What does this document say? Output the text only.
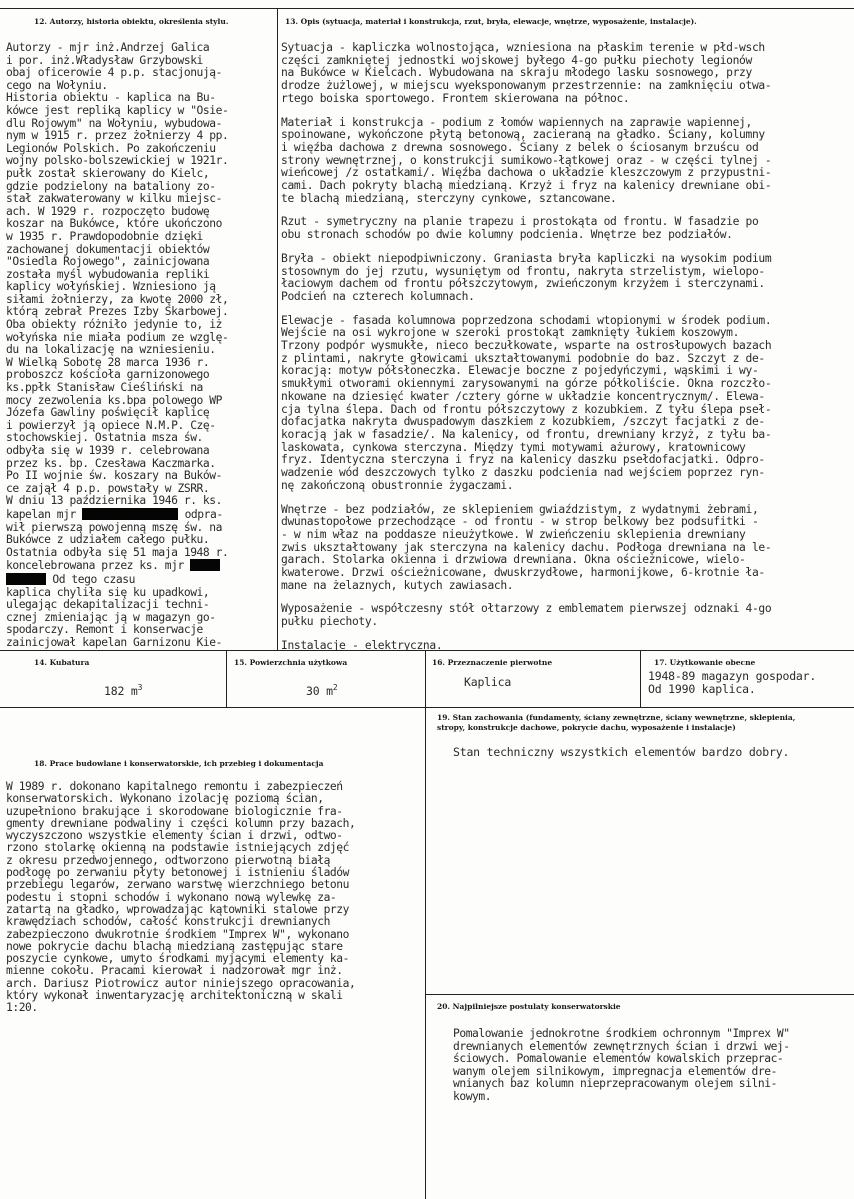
12. Autorzy, historia obiektu, określenia stylu.
Autorzy - mjr inż.Andrzej Galica
i por. inż.Władysław Grzybowski
obaj oficerowie 4 p.p. stacjonują-
cego na Wołyniu.
Historia obiektu - kaplica na Bu-
kówce jest repliką kaplicy w "Osie-
dlu Rojowym" na Wołyniu, wybudowa-
nym w 1915 r. przez żołnierzy 4 pp.
Legionów Polskich. Po zakończeniu
wojny polsko-bolszewickiej w 1921r.
pułk został skierowany do Kielc,
gdzie podzielony na bataliony zo-
stał zakwaterowany w kilku miejsc-
ach. W 1929 r. rozpoczęto budowę
koszar na Bukówce, które ukończono
w 1935 r. Prawdopodobnie dzięki
zachowanej dokumentacji obiektów
"Osiedla Rojowego", zainicjowana
została myśl wybudowania repliki
kaplicy wołyńskiej. Wzniesiono ją
siłami żołnierzy, za kwotę 2000 zł,
którą zebrał Prezes Izby Skarbowej.
Oba obiekty różniło jedynie to, iż
wołyńska nie miała podium ze wzglę-
du na lokalizację na wzniesieniu.
W Wielką Sobotę 28 marca 1936 r.
proboszcz kościoła garnizonowego
ks.ppłk Stanisław Cieśliński na
mocy zezwolenia ks.bpa polowego WP
Józefa Gawliny poświęcił kaplicę
i powierzył ją opiece N.M.P. Czę-
stochowskiej. Ostatnia msza św.
odbyła się w 1939 r. celebrowana
przez ks. bp. Czesława Kaczmarka.
Po II wojnie św. koszary na Buków-
ce zajął 4 p.p. powstały w ZSRR.
W dniu 13 października 1946 r. ks.
kapelan mjr	odpra-
wił pierwszą powojenną mszę św. na
Bukówce z udziałem całego pułku.
Ostatnia odbyła się 51 maja 1948 r.
koncelebrowana przez ks. mjr
Od tego czasu
kaplica chyliła się ku upadkowi,
ulegając dekapitalizacji techni-
cznej zmieniając ją w magazyn go-
spodarczy. Remont i konserwacje
zainicjował kapelan Garnizonu Kie-
13. Opis (sytuacja, materiał i konstrukcja, rzut, bryła, elewacje, wnętrze, wyposażenie, instalacje).
Sytuacja - kapliczka wolnostojąca, wzniesiona na płaskim terenie w płd-wsch
części zamkniętej jednostki wojskowej byłego 4-go pułku piechoty legionów
na Bukówce w Kielcach. Wybudowana na skraju młodego lasku sosnowego, przy
drodze żużlowej, w miejscu wyeksponowanym przestrzennie: na zamknięciu otwa-
rtego boiska sportowego. Frontem skierowana na północ.
Materiał i konstrukcja - podium z łomów wapiennych na zaprawie wapiennej,
spoinowane, wykończone płytą betonową, zacieraną na gładko. Ściany, kolumny
i więźba dachowa z drewna sosnowego. Ściany z belek o ściosanym brzuścu od
strony wewnętrznej, o konstrukcji sumikowo-łątkowej oraz - w części tylnej -
wieńcowej /z ostatkami/. Więźba dachowa o układzie kleszczowym z przypustni-
cami. Dach pokryty blachą miedzianą. Krzyż i fryz na kalenicy drewniane obi-
te blachą miedzianą, sterczyny cynkowe, sztancowane.
Rzut - symetryczny na planie trapezu i prostokąta od frontu. W fasadzie po
obu stronach schodów po dwie kolumny podcienia. Wnętrze bez podziałów.
Bryła - obiekt niepodpiwniczony. Graniasta bryła kapliczki na wysokim podium
stosownym do jej rzutu, wysuniętym od frontu, nakryta strzelistym, wielopo-
łaciowym dachem od frontu półszczytowym, zwieńczonym krzyżem i sterczynami.
Podcień na czterech kolumnach.
Elewacje - fasada kolumnowa poprzedzona schodami wtopionymi w środek podium.
Wejście na osi wykrojone w szeroki prostokąt zamknięty łukiem koszowym.
Trzony podpór wysmukłe, nieco beczułkowate, wsparte na ostrosłupowych bazach
z plintami, nakryte głowicami ukształtowanymi podobnie do baz. Szczyt z de-
koracją: motyw półsłoneczka. Elewacje boczne z pojedyńczymi, wąskimi i wy-
smukłymi otworami okiennymi zarysowanymi na górze półkoliście. Okna rozczło-
nkowane na dziesięć kwater /cztery górne w układzie koncentrycznym/. Elewa-
cja tylna ślepa. Dach od frontu półszczytowy z kozubkiem. Z tyłu ślepa pseł-
dofacjatka nakryta dwuspadowym daszkiem z kozubkiem, /szczyt facjatki z de-
koracją jak w fasadzie/. Na kalenicy, od frontu, drewniany krzyż, z tyłu ba-
laskowata, cynkowa sterczyna. Między tymi motywami ażurowy, kratownicowy
fryz. Identyczna sterczyna i fryz na kalenicy daszku psełdofacjatki. Odpro-
wadzenie wód deszczowych tylko z daszku podcienia nad wejściem poprzez ryn-
nę zakończoną obustronnie żygaczami.
Wnętrze - bez podziałów, ze sklepieniem gwiaździstym, z wydatnymi żebrami,
dwunastopołowe przechodzące - od frontu - w strop belkowy bez podsufitki -
- w nim właz na poddasze nieużytkowe. W zwieńczeniu sklepienia drewniany
zwis ukształtowany jak sterczyna na kalenicy dachu. Podłoga drewniana na le-
garach. Stolarka okienna i drzwiowa drewniana. Okna ościeżnicowe, wielo-
kwaterowe. Drzwi ościeżnicowane, dwuskrzydłowe, harmonijkowe, 6-krotnie ła-
mane na żelaznych, kutych zawiasach.
Wyposażenie - współczesny stół ołtarzowy z emblematem pierwszej odznaki 4-go
pułku piechoty.
Instalacje - elektryczna.
14. Kubatura
182 $m^3$
15. Powierzchnia użytkowa
30 $m^2$
16. Przeznaczenie pierwotne
Kaplica
17. Użytkowanie obecne
1948-89 magazyn gospodar.
Od 1990 kaplica.
18. Prace budowlane i konserwatorskie, ich przebieg i dokumentacja
W 1989 r. dokonano kapitalnego remontu i zabezpieczeń
konserwatorskich. Wykonano izolację poziomą ścian,
uzupełniono brakujące i skorodowane biologicznie fra-
gmenty drewniane podwaliny i części kolumn przy bazach,
wyczyszczono wszystkie elementy ścian i drzwi, odtwo-
rzono stolarkę okienną na podstawie istniejących zdjęć
z okresu przedwojennego, odtworzono pierwotną białą
podłogę po zerwaniu płyty betonowej i istnieniu śladów
przebiegu legarów, zerwano warstwę wierzchniego betonu
podestu i stopni schodów i wykonano nową wylewkę za-
zatartą na gładko, wprowadzając kątowniki stalowe przy
krawędziach schodów, całość konstrukcji drewnianych
zabezpieczono dwukrotnie środkiem "Imprex W", wykonano
nowe pokrycie dachu blachą miedzianą zastępując stare
poszycie cynkowe, umyto środkami myjącymi elementy ka-
mienne cokołu. Pracami kierował i nadzorował mgr inż.
arch. Dariusz Piotrowicz autor niniejszego opracowania,
który wykonał inwentaryzację architektoniczną w skali
1:20.
19. Stan zachowania (fundamenty, ściany zewnętrzne, ściany wewnętrzne, sklepienia, stropy, konstrukcje dachowe, pokrycie dachu, wyposażenie i instalacje)
Stan techniczny wszystkich elementów bardzo dobry.
20. Najpilniejsze postulaty konserwatorskie
Pomalowanie jednokrotne środkiem ochronnym "Imprex W"
drewnianych elementów zewnętrznych ścian i drzwi wej-
ściowych. Pomalowanie elementów kowalskich przeprac-
wanym olejem silnikowym, impregnacja elementów dre-
wnianych baz kolumn nieprzepracowanym olejem silni-
kowym.
